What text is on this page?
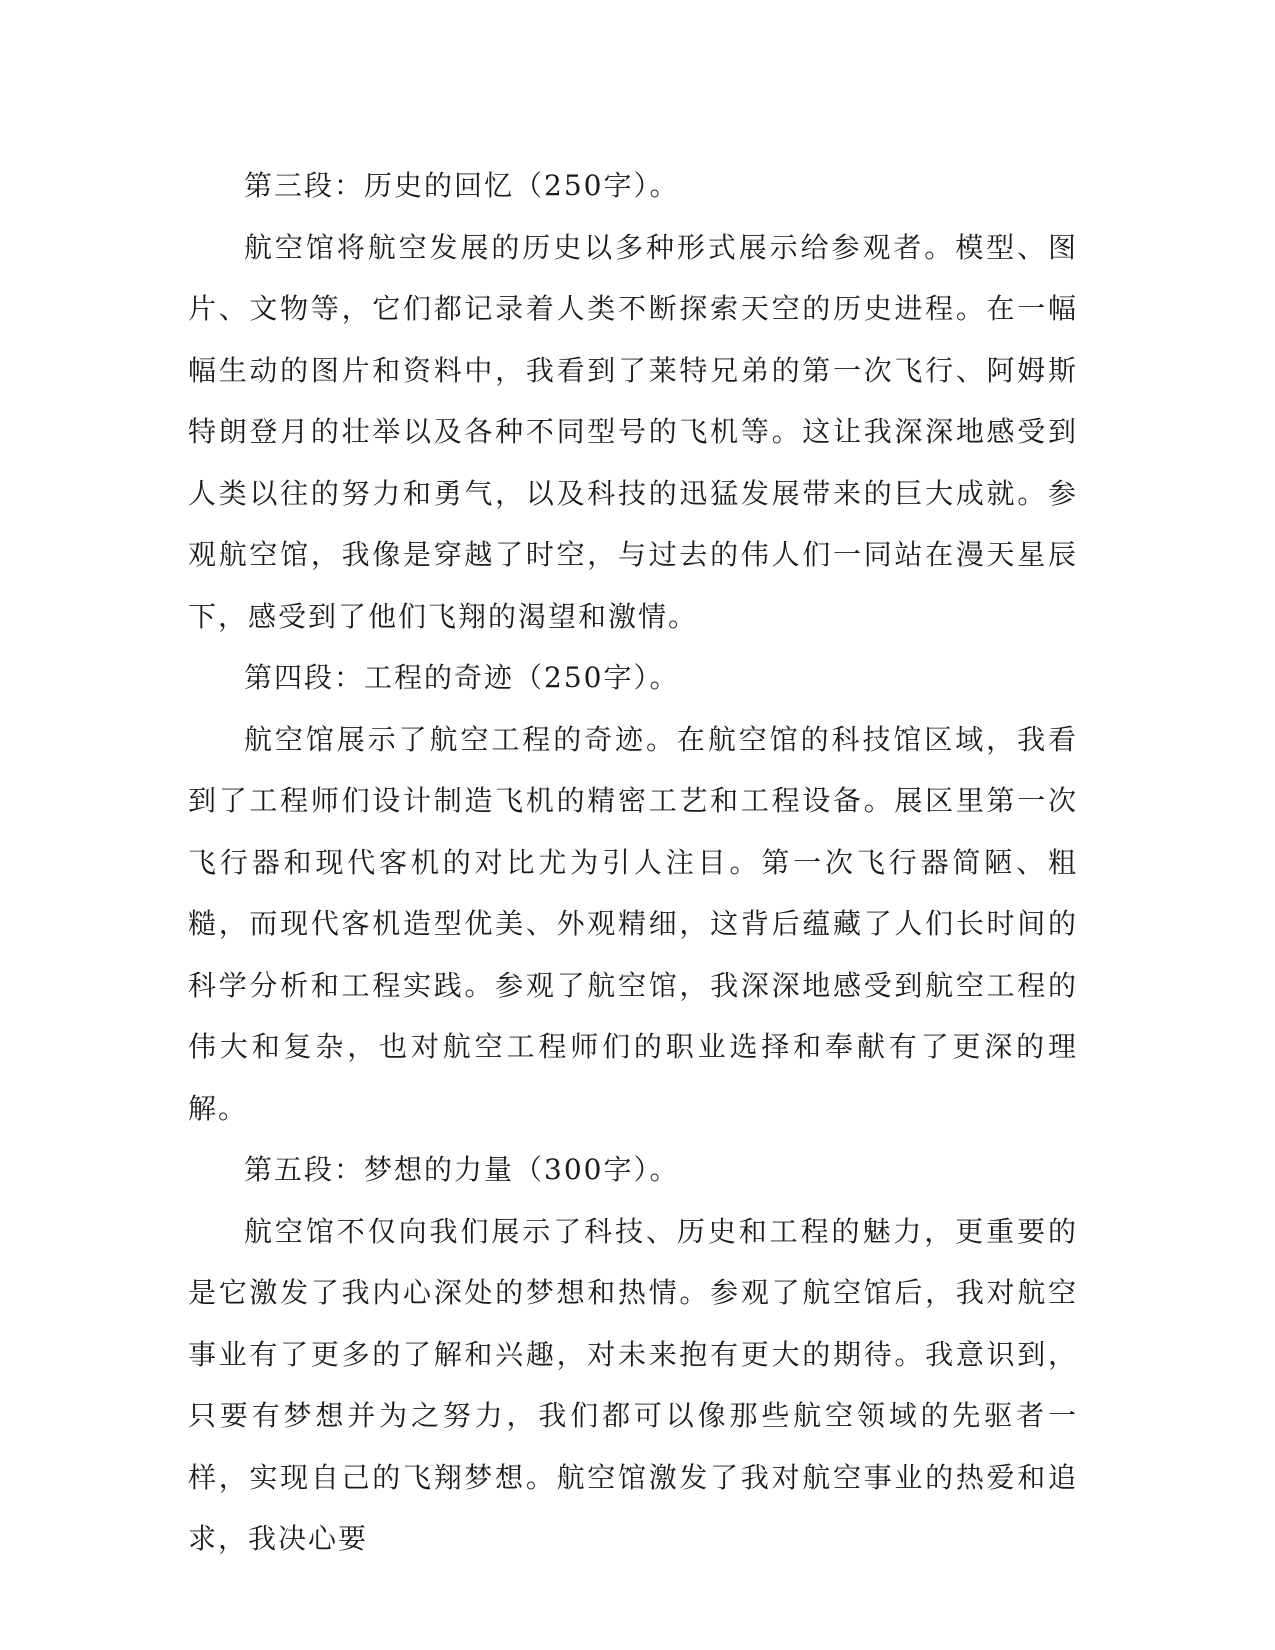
第三段：历史的回忆（250字）。

航空馆将航空发展的历史以多种形式展示给参观者。模型、图片、文物等，它们都记录着人类不断探索天空的历史进程。在一幅幅生动的图片和资料中，我看到了莱特兄弟的第一次飞行、阿姆斯特朗登月的壮举以及各种不同型号的飞机等。这让我深深地感受到人类以往的努力和勇气，以及科技的迅猛发展带来的巨大成就。参观航空馆，我像是穿越了时空，与过去的伟人们一同站在漫天星辰下，感受到了他们飞翔的渴望和激情。

第四段：工程的奇迹（250字）。

航空馆展示了航空工程的奇迹。在航空馆的科技馆区域，我看到了工程师们设计制造飞机的精密工艺和工程设备。展区里第一次飞行器和现代客机的对比尤为引人注目。第一次飞行器简陋、粗糙，而现代客机造型优美、外观精细，这背后蕴藏了人们长时间的科学分析和工程实践。参观了航空馆，我深深地感受到航空工程的伟大和复杂，也对航空工程师们的职业选择和奉献有了更深的理解。

第五段：梦想的力量（300字）。

航空馆不仅向我们展示了科技、历史和工程的魅力，更重要的是它激发了我内心深处的梦想和热情。参观了航空馆后，我对航空事业有了更多的了解和兴趣，对未来抱有更大的期待。我意识到，只要有梦想并为之努力，我们都可以像那些航空领域的先驱者一样，实现自己的飞翔梦想。航空馆激发了我对航空事业的热爱和追求，我决心要
